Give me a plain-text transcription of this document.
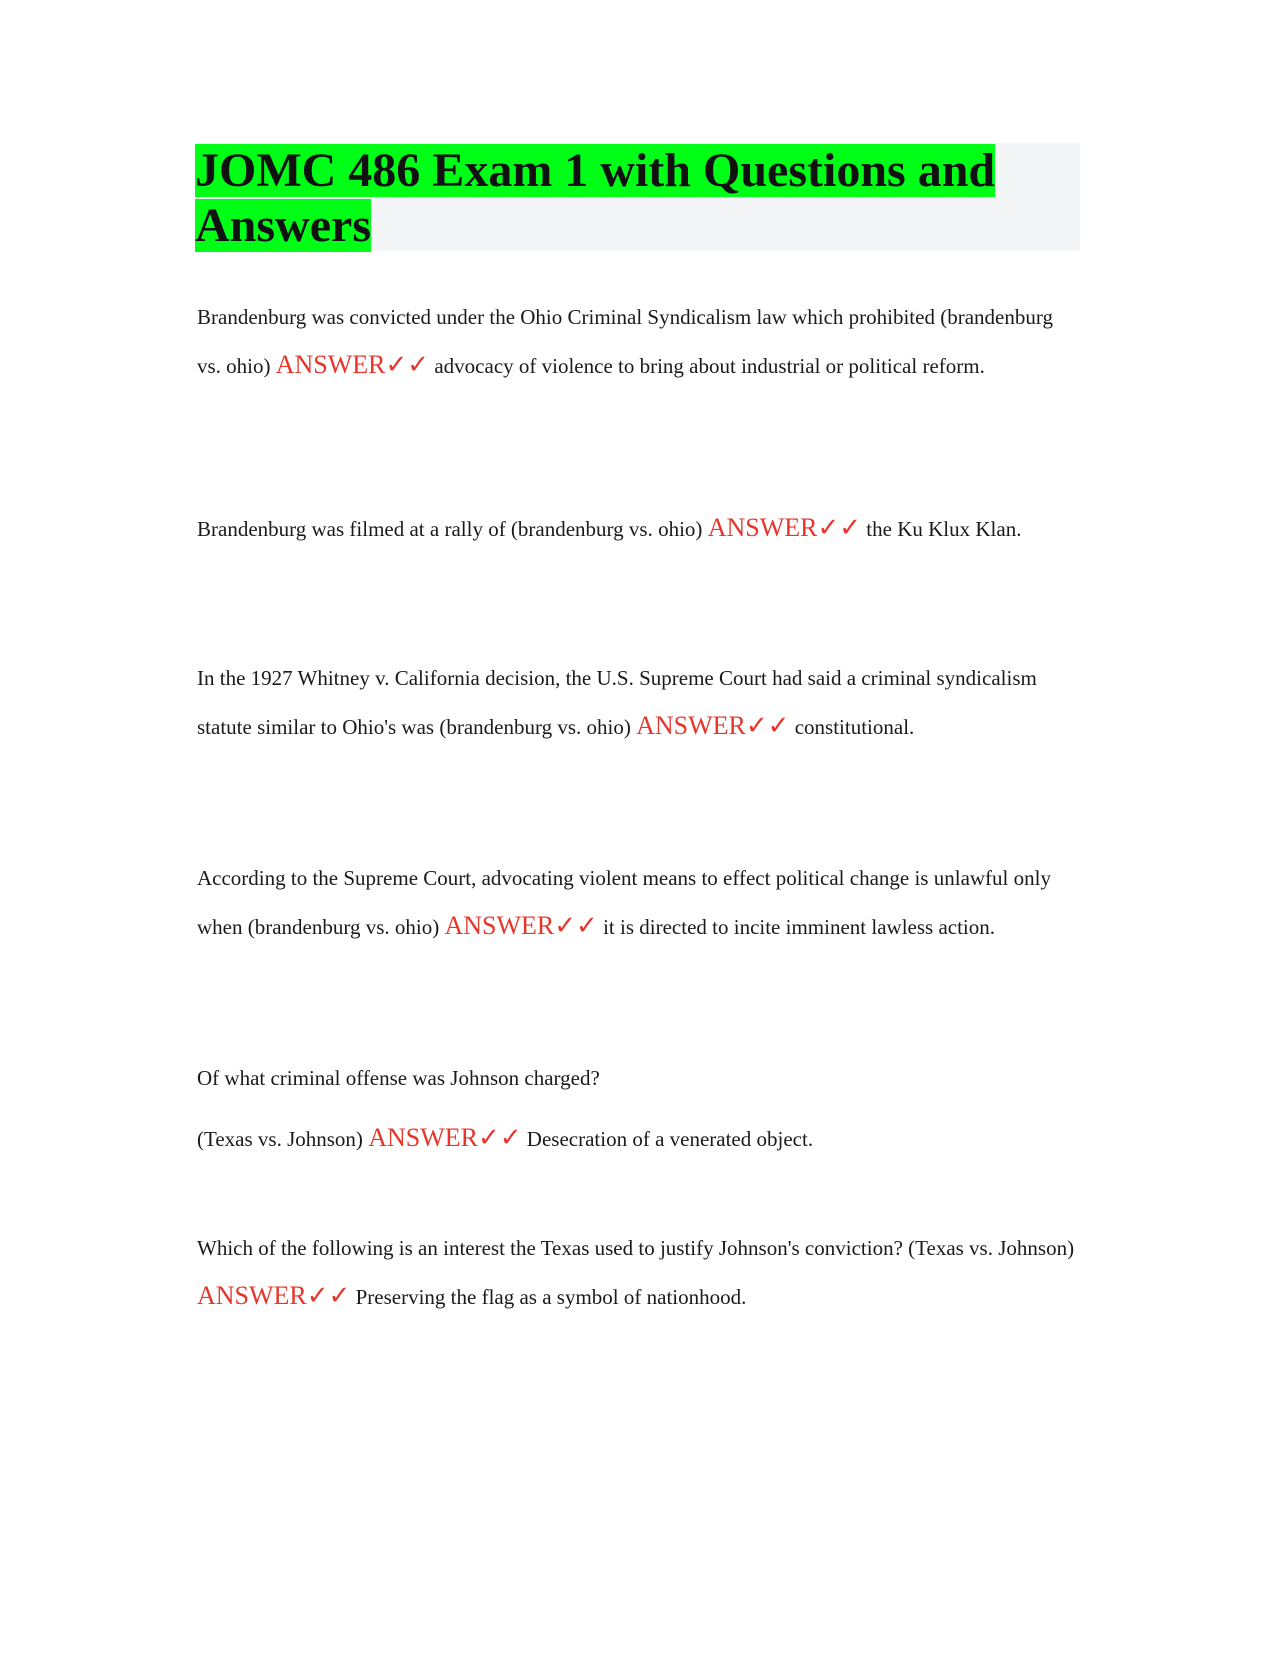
JOMC 486 Exam 1 with Questions and Answers

Brandenburg was convicted under the Ohio Criminal Syndicalism law which prohibited (brandenburg vs. ohio) ANSWER✓✓ advocacy of violence to bring about industrial or political reform.

Brandenburg was filmed at a rally of (brandenburg vs. ohio) ANSWER✓✓ the Ku Klux Klan.

In the 1927 Whitney v. California decision, the U.S. Supreme Court had said a criminal syndicalism statute similar to Ohio's was (brandenburg vs. ohio) ANSWER✓✓ constitutional.

According to the Supreme Court, advocating violent means to effect political change is unlawful only when (brandenburg vs. ohio) ANSWER✓✓ it is directed to incite imminent lawless action.

Of what criminal offense was Johnson charged?
(Texas vs. Johnson) ANSWER✓✓ Desecration of a venerated object.

Which of the following is an interest the Texas used to justify Johnson's conviction? (Texas vs. Johnson) ANSWER✓✓ Preserving the flag as a symbol of nationhood.
